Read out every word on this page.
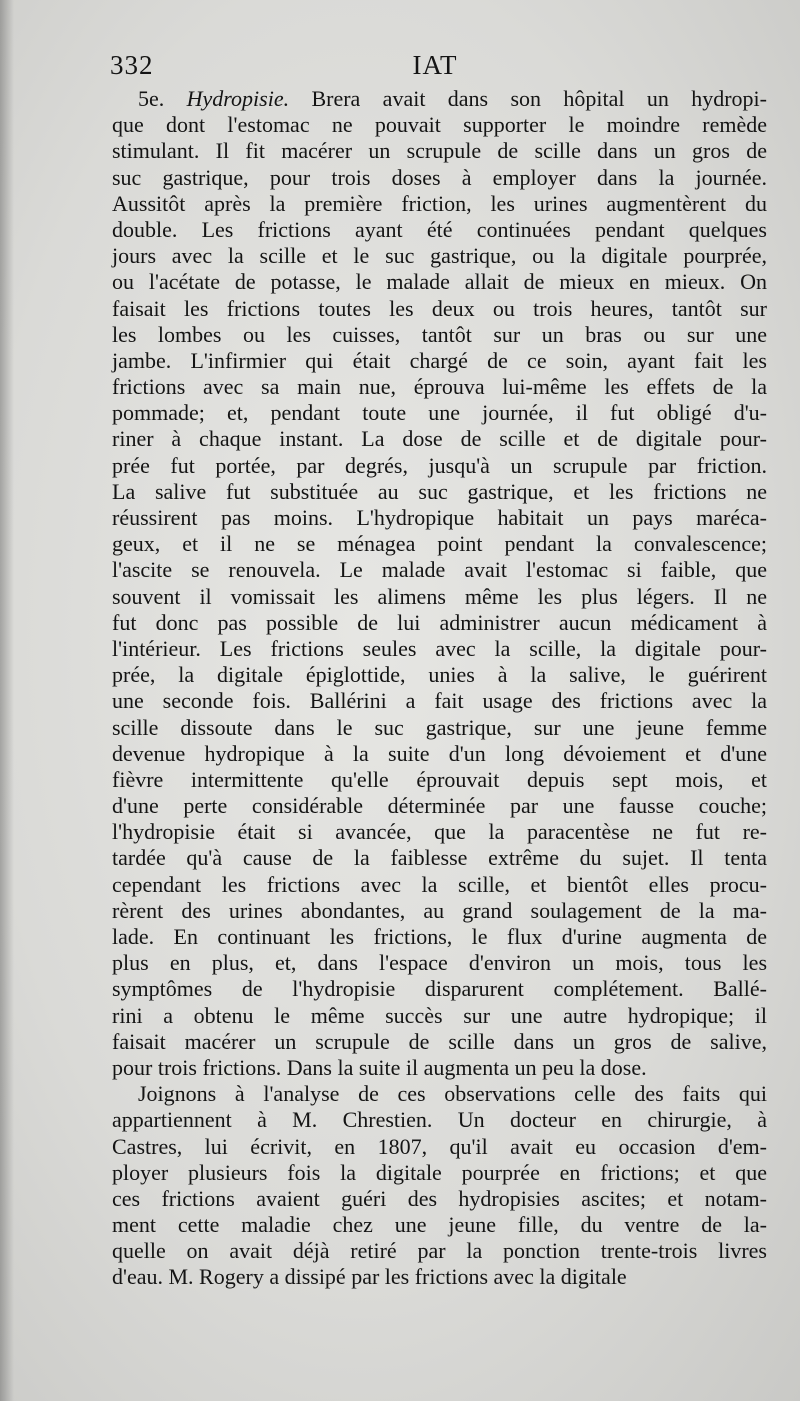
332	IAT
5e. Hydropisie. Brera avait dans son hôpital un hydropi-
que dont l'estomac ne pouvait supporter le moindre remède
stimulant. Il fit macérer un scrupule de scille dans un gros de
suc gastrique, pour trois doses à employer dans la journée.
Aussitôt après la première friction, les urines augmentèrent du
double. Les frictions ayant été continuées pendant quelques
jours avec la scille et le suc gastrique, ou la digitale pourprée,
ou l'acétate de potasse, le malade allait de mieux en mieux. On
faisait les frictions toutes les deux ou trois heures, tantôt sur
les lombes ou les cuisses, tantôt sur un bras ou sur une
jambe. L'infirmier qui était chargé de ce soin, ayant fait les
frictions avec sa main nue, éprouva lui-même les effets de la
pommade; et, pendant toute une journée, il fut obligé d'u-
riner à chaque instant. La dose de scille et de digitale pour-
prée fut portée, par degrés, jusqu'à un scrupule par friction.
La salive fut substituée au suc gastrique, et les frictions ne
réussirent pas moins. L'hydropique habitait un pays maréca-
geux, et il ne se ménagea point pendant la convalescence;
l'ascite se renouvela. Le malade avait l'estomac si faible, que
souvent il vomissait les alimens même les plus légers. Il ne
fut donc pas possible de lui administrer aucun médicament à
l'intérieur. Les frictions seules avec la scille, la digitale pour-
prée, la digitale épiglottide, unies à la salive, le guérirent
une seconde fois. Ballérini a fait usage des frictions avec la
scille dissoute dans le suc gastrique, sur une jeune femme
devenue hydropique à la suite d'un long dévoiement et d'une
fièvre intermittente qu'elle éprouvait depuis sept mois, et
d'une perte considérable déterminée par une fausse couche;
l'hydropisie était si avancée, que la paracentèse ne fut re-
tardée qu'à cause de la faiblesse extrême du sujet. Il tenta
cependant les frictions avec la scille, et bientôt elles procu-
rèrent des urines abondantes, au grand soulagement de la ma-
lade. En continuant les frictions, le flux d'urine augmenta de
plus en plus, et, dans l'espace d'environ un mois, tous les
symptômes de l'hydropisie disparurent complétement. Ballé-
rini a obtenu le même succès sur une autre hydropique; il
faisait macérer un scrupule de scille dans un gros de salive,
pour trois frictions. Dans la suite il augmenta un peu la dose.
Joignons à l'analyse de ces observations celle des faits qui
appartiennent à M. Chrestien. Un docteur en chirurgie, à
Castres, lui écrivit, en 1807, qu'il avait eu occasion d'em-
ployer plusieurs fois la digitale pourprée en frictions; et que
ces frictions avaient guéri des hydropisies ascites; et notam-
ment cette maladie chez une jeune fille, du ventre de la-
quelle on avait déjà retiré par la ponction trente-trois livres
d'eau. M. Rogery a dissipé par les frictions avec la digitale
